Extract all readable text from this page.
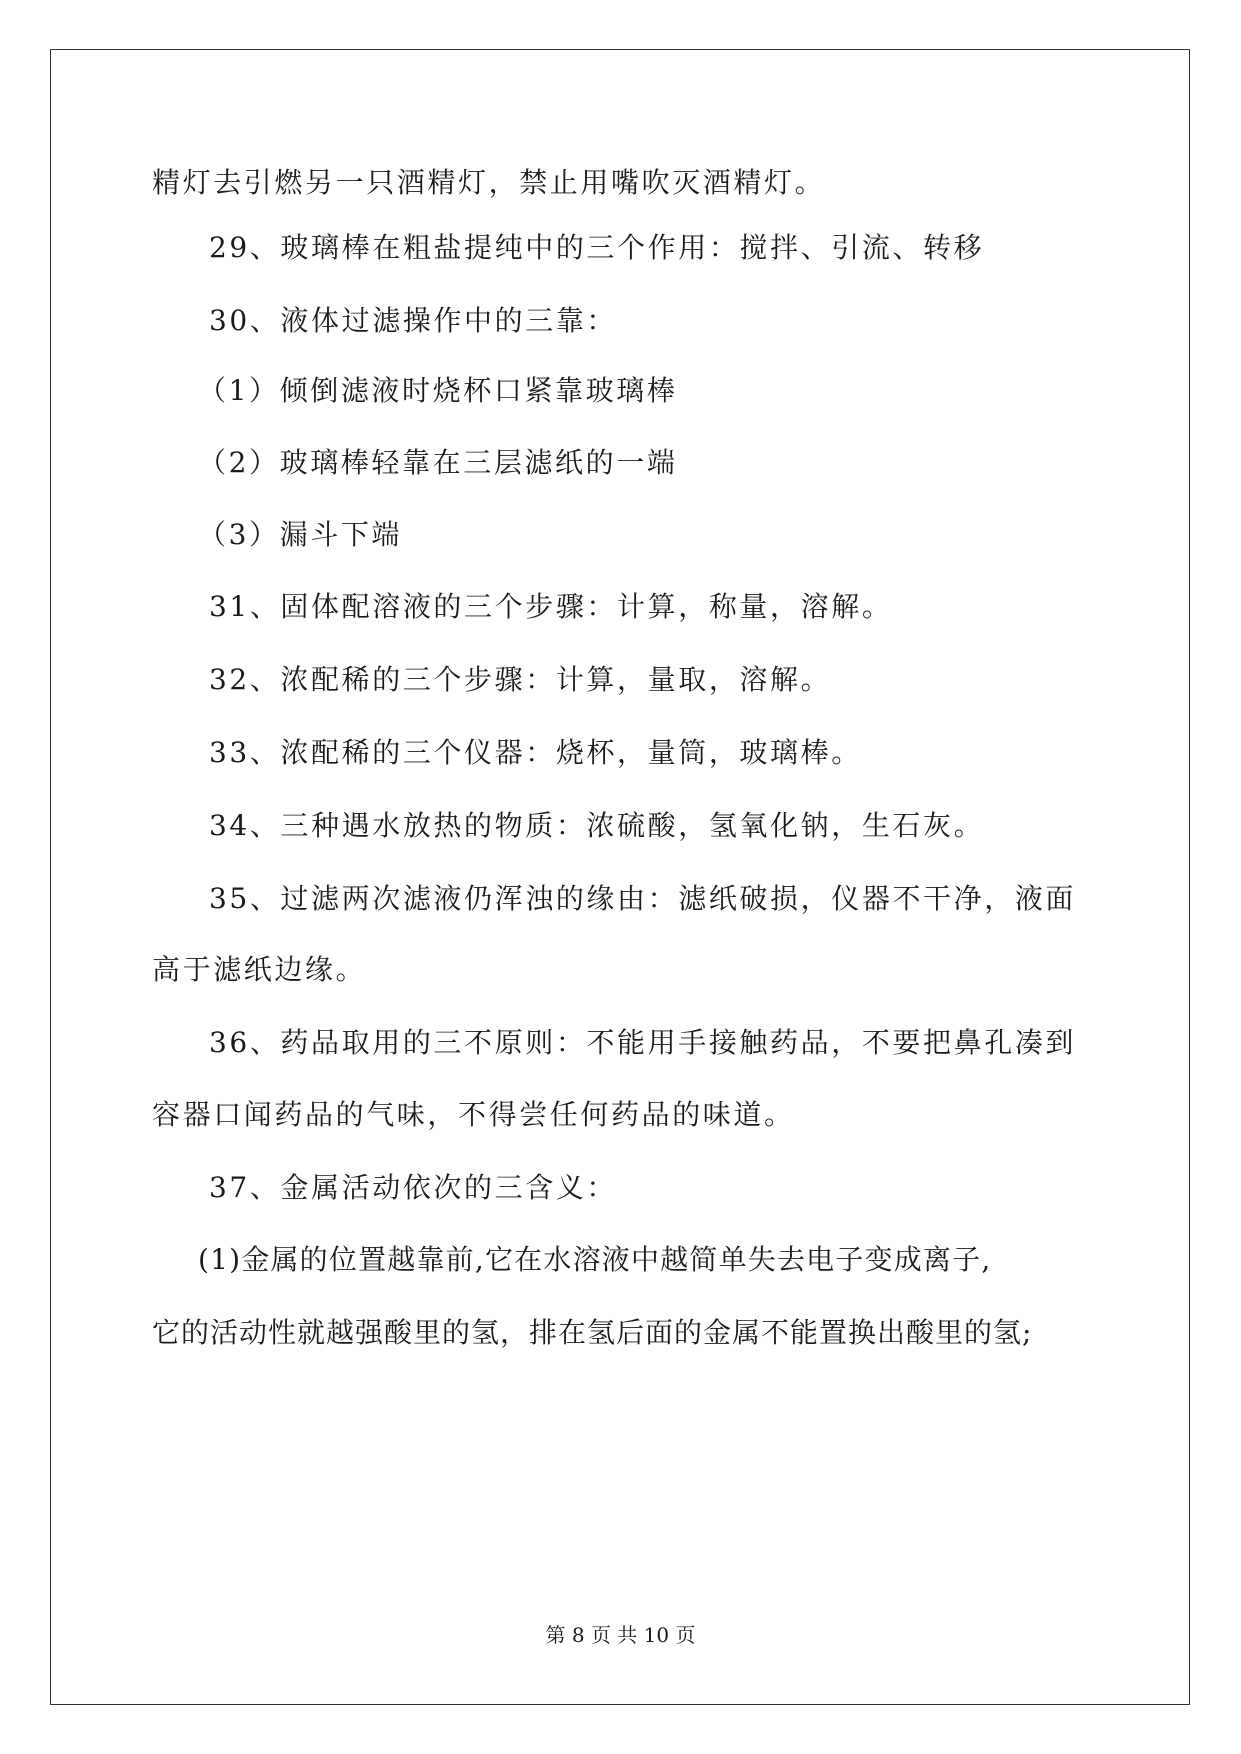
精灯去引燃另一只酒精灯，禁止用嘴吹灭酒精灯。
29、玻璃棒在粗盐提纯中的三个作用：搅拌、引流、转移
30、液体过滤操作中的三靠：
（1）倾倒滤液时烧杯口紧靠玻璃棒
（2）玻璃棒轻靠在三层滤纸的一端
（3）漏斗下端
31、固体配溶液的三个步骤：计算，称量，溶解。
32、浓配稀的三个步骤：计算，量取，溶解。
33、浓配稀的三个仪器：烧杯，量筒，玻璃棒。
34、三种遇水放热的物质：浓硫酸，氢氧化钠，生石灰。
35、过滤两次滤液仍浑浊的缘由：滤纸破损，仪器不干净，液面
高于滤纸边缘。
36、药品取用的三不原则：不能用手接触药品，不要把鼻孔凑到
容器口闻药品的气味，不得尝任何药品的味道。
37、金属活动依次的三含义：
(1)金属的位置越靠前,它在水溶液中越简单失去电子变成离子,
它的活动性就越强酸里的氢，排在氢后面的金属不能置换出酸里的氢;
第 8 页 共 10 页
